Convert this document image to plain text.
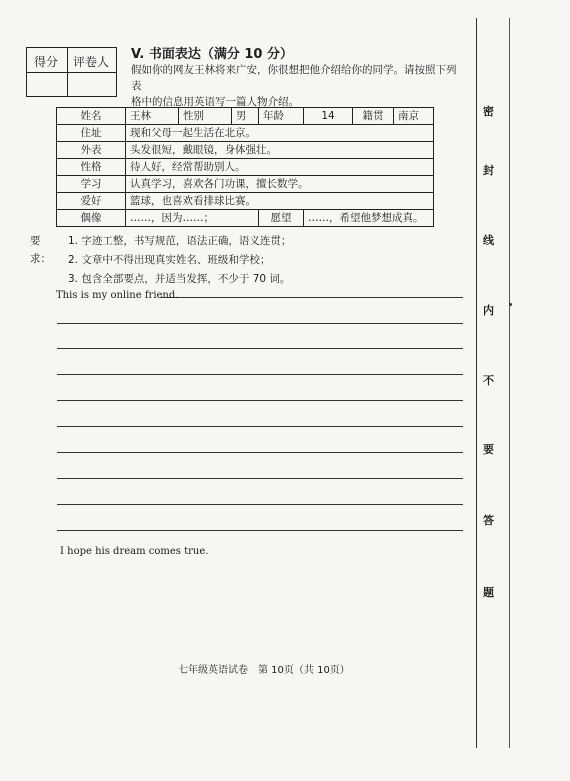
得分 评卷人 V. 书面表达（满分 10 分）
假如你的网友王林将来广安，你很想把他介绍给你的同学。请按照下列表
格中的信息用英语写一篇人物介绍。
姓名	王林	性别	男	年龄	14	籍贯	南京
住址	现和父母一起生活在北京。						
外表	头发很短，戴眼镜，身体强壮。						
性格	待人好，经常帮助别人。						
学习	认真学习，喜欢各门功课，擅长数学。						
爱好	篮球，也喜欢看排球比赛。						
偶像	……，因为……；			愿望	……，希望他梦想成真。		
要求：
1. 字迹工整，书写规范，语法正确，语义连贯；
2. 文章中不得出现真实姓名、班级和学校；
3. 包含全部要点，并适当发挥，不少于 70 词。
This is my online friend.
I hope his dream comes true.
七年级英语试卷　第 10页（共 10页）
密
封
线
内
不
要
答
题
